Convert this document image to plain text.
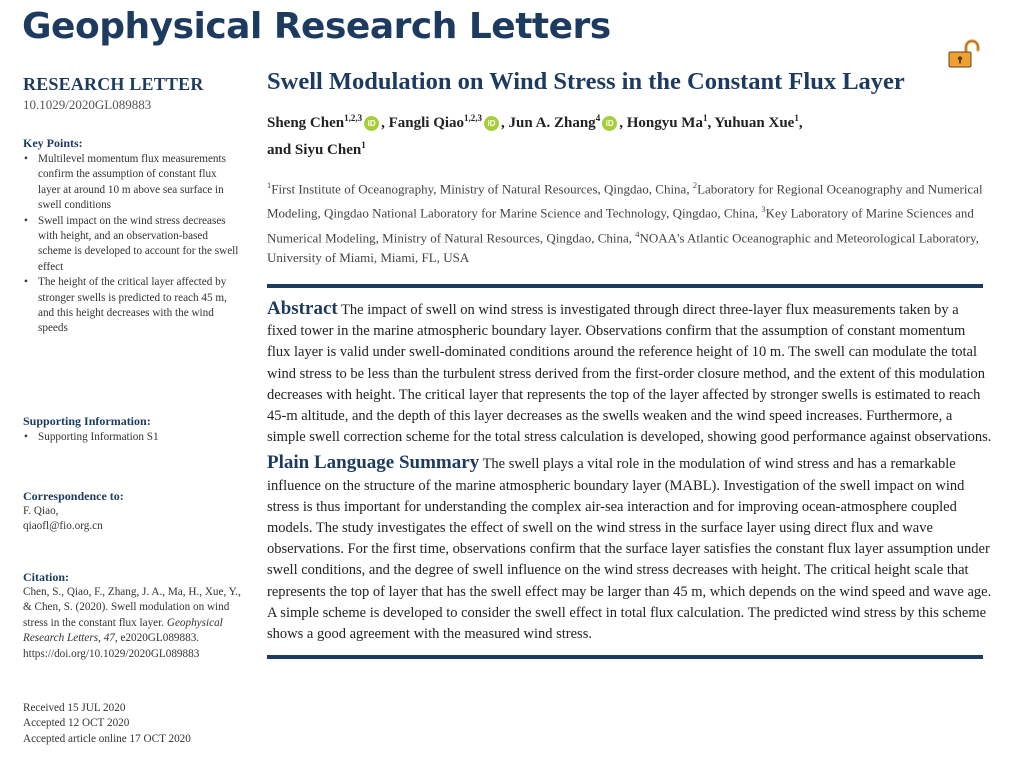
Geophysical Research Letters
RESEARCH LETTER
10.1029/2020GL089883
Key Points:
• Multilevel momentum flux measurements confirm the assumption of constant flux layer at around 10 m above sea surface in swell conditions
• Swell impact on the wind stress decreases with height, and an observation-based scheme is developed to account for the swell effect
• The height of the critical layer affected by stronger swells is predicted to reach 45 m, and this height decreases with the wind speeds
Supporting Information:
• Supporting Information S1
Correspondence to:
F. Qiao,
qiaofl@fio.org.cn
Citation:
Chen, S., Qiao, F., Zhang, J. A., Ma, H., Xue, Y., & Chen, S. (2020). Swell modulation on wind stress in the constant flux layer. Geophysical Research Letters, 47, e2020GL089883. https://doi.org/10.1029/2020GL089883
Received 15 JUL 2020
Accepted 12 OCT 2020
Accepted article online 17 OCT 2020
Swell Modulation on Wind Stress in the Constant Flux Layer
Sheng Chen$^{1,2,3}$iD , Fangli Qiao$^{1,2,3}$iD , Jun A. Zhang$^4$iD , Hongyu Ma$^1$, Yuhuan Xue$^1$,
and Siyu Chen$^1$
$^1$First Institute of Oceanography, Ministry of Natural Resources, Qingdao, China, $^2$Laboratory for Regional Oceanography and Numerical Modeling, Qingdao National Laboratory for Marine Science and Technology, Qingdao, China, $^3$Key Laboratory of Marine Sciences and Numerical Modeling, Ministry of Natural Resources, Qingdao, China, $^4$NOAA's Atlantic Oceanographic and Meteorological Laboratory, University of Miami, Miami, FL, USA
Abstract The impact of swell on wind stress is investigated through direct three-layer flux measurements taken by a fixed tower in the marine atmospheric boundary layer. Observations confirm that the assumption of constant momentum flux layer is valid under swell-dominated conditions around the reference height of 10 m. The swell can modulate the total wind stress to be less than the turbulent stress derived from the first-order closure method, and the extent of this modulation decreases with height. The critical layer that represents the top of the layer affected by stronger swells is estimated to reach 45-m altitude, and the depth of this layer decreases as the swells weaken and the wind speed increases. Furthermore, a simple swell correction scheme for the total stress calculation is developed, showing good performance against observations.
Plain Language Summary The swell plays a vital role in the modulation of wind stress and has a remarkable influence on the structure of the marine atmospheric boundary layer (MABL). Investigation of the swell impact on wind stress is thus important for understanding the complex air-sea interaction and for improving ocean-atmosphere coupled models. The study investigates the effect of swell on the wind stress in the surface layer using direct flux and wave observations. For the first time, observations confirm that the surface layer satisfies the constant flux layer assumption under swell conditions, and the degree of swell influence on the wind stress decreases with height. The critical height scale that represents the top of layer that has the swell effect may be larger than 45 m, which depends on the wind speed and wave age. A simple scheme is developed to consider the swell effect in total flux calculation. The predicted wind stress by this scheme shows a good agreement with the measured wind stress.
